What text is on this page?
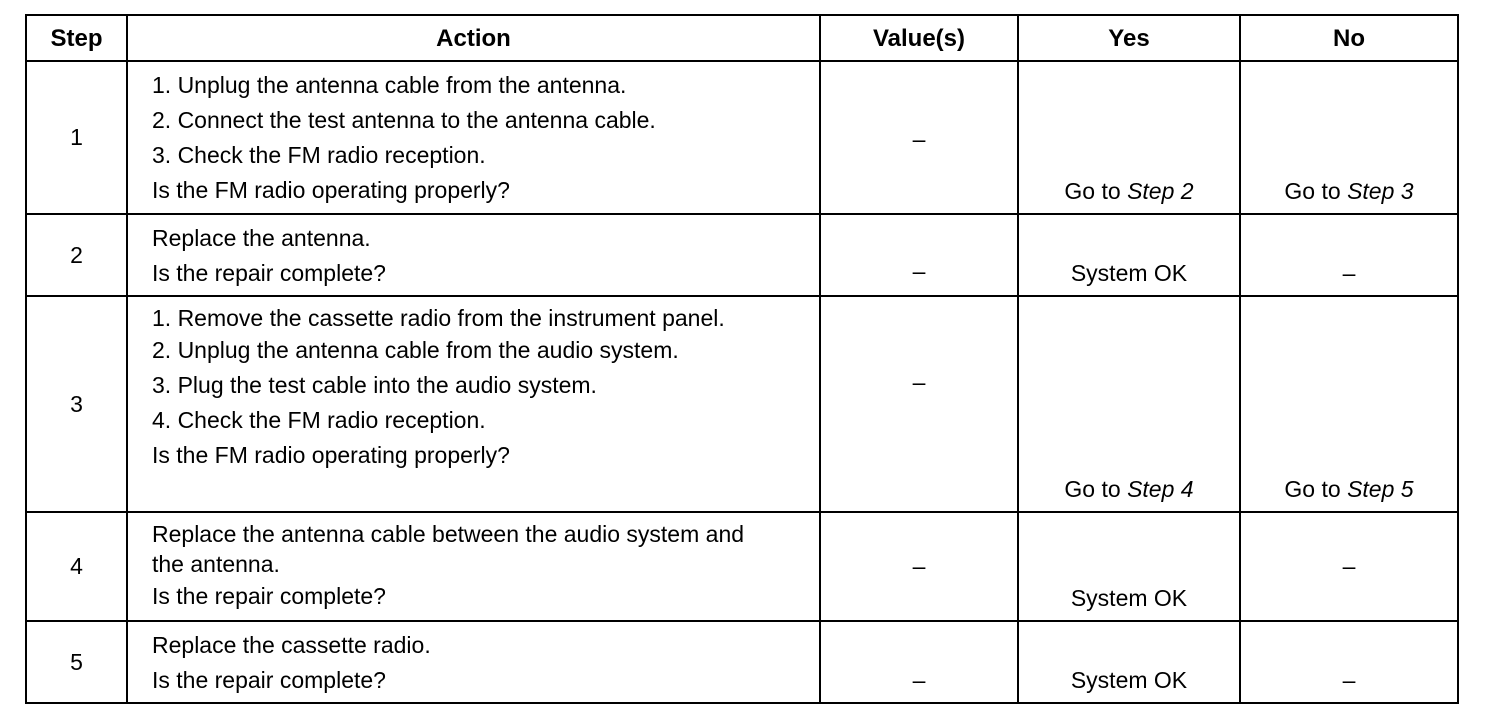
Step	Action	Value(s)	Yes	No
1	1. Unplug the antenna cable from the antenna.
2. Connect the test antenna to the antenna cable.
3. Check the FM radio reception.
Is the FM radio operating properly?	–	Go to Step 2	Go to Step 3
2	Replace the antenna.
Is the repair complete?	–	System OK	–
3	1. Remove the cassette radio from the instrument panel.
2. Unplug the antenna cable from the audio system.
3. Plug the test cable into the audio system.
4. Check the FM radio reception.
Is the FM radio operating properly?	–	Go to Step 4	Go to Step 5
4	Replace the antenna cable between the audio system and the antenna.
Is the repair complete?	–	System OK	–
5	Replace the cassette radio.
Is the repair complete?	–	System OK	–
